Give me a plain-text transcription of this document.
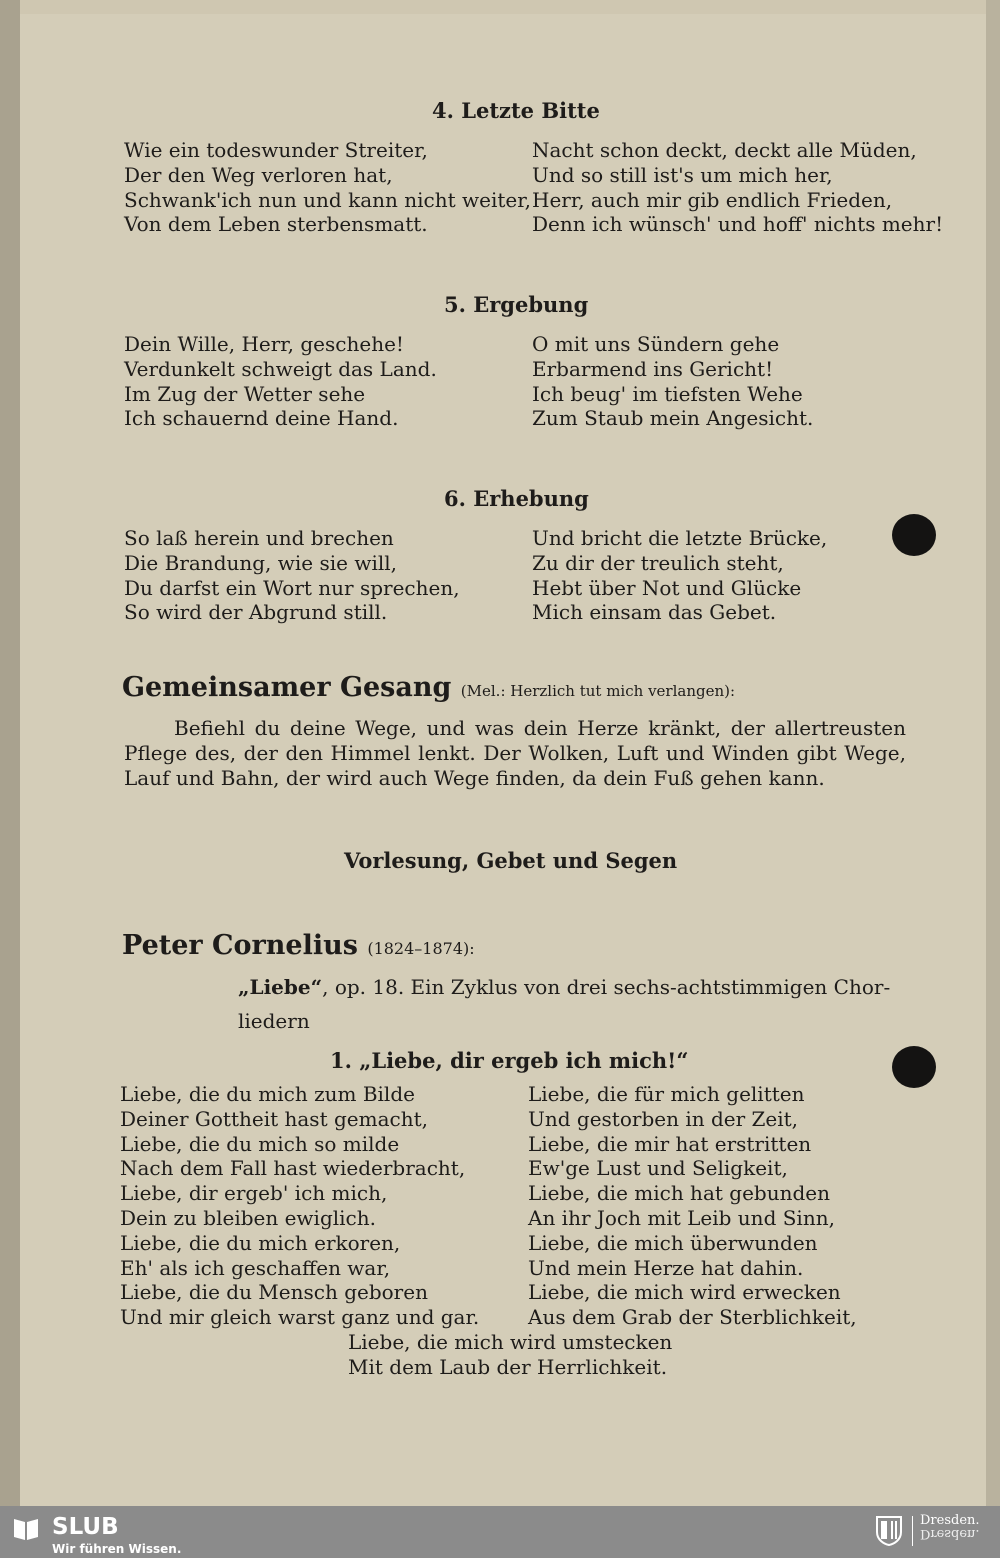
4. Letzte Bitte
Wie ein todeswunder Streiter,
Der den Weg verloren hat,
Schwank'ich nun und kann nicht weiter,
Von dem Leben sterbensmatt.
Nacht schon deckt, deckt alle Müden,
Und so still ist's um mich her,
Herr, auch mir gib endlich Frieden,
Denn ich wünsch' und hoff' nichts mehr!
5. Ergebung
Dein Wille, Herr, geschehe!
Verdunkelt schweigt das Land.
Im Zug der Wetter sehe
Ich schauernd deine Hand.
O mit uns Sündern gehe
Erbarmend ins Gericht!
Ich beug' im tiefsten Wehe
Zum Staub mein Angesicht.
6. Erhebung
So laß herein und brechen
Die Brandung, wie sie will,
Du darfst ein Wort nur sprechen,
So wird der Abgrund still.
Und bricht die letzte Brücke,
Zu dir der treulich steht,
Hebt über Not und Glücke
Mich einsam das Gebet.
Gemeinsamer Gesang (Mel.: Herzlich tut mich verlangen):

Befiehl du deine Wege, und was dein Herze kränkt, der allertreusten Pflege des, der den Himmel lenkt. Der Wolken, Luft und Winden gibt Wege, Lauf und Bahn, der wird auch Wege finden, da dein Fuß gehen kann.

Vorlesung, Gebet und Segen
Peter Cornelius (1824–1874):
„Liebe“, op. 18. Ein Zyklus von drei sechs-achtstimmigen Chor-
liedern
1. „Liebe, dir ergeb ich mich!“
Liebe, die du mich zum Bilde
Deiner Gottheit hast gemacht,
Liebe, die du mich so milde
Nach dem Fall hast wiederbracht,
Liebe, dir ergeb' ich mich,
Dein zu bleiben ewiglich.
Liebe, die du mich erkoren,
Eh' als ich geschaffen war,
Liebe, die du Mensch geboren
Und mir gleich warst ganz und gar.
Liebe, die für mich gelitten
Und gestorben in der Zeit,
Liebe, die mir hat erstritten
Ew'ge Lust und Seligkeit,
Liebe, die mich hat gebunden
An ihr Joch mit Leib und Sinn,
Liebe, die mich überwunden
Und mein Herze hat dahin.
Liebe, die mich wird erwecken
Aus dem Grab der Sterblichkeit,
Liebe, die mich wird umstecken
Mit dem Laub der Herrlichkeit.
SLUB
Wir führen Wissen.
Dresden.
Dresden.
